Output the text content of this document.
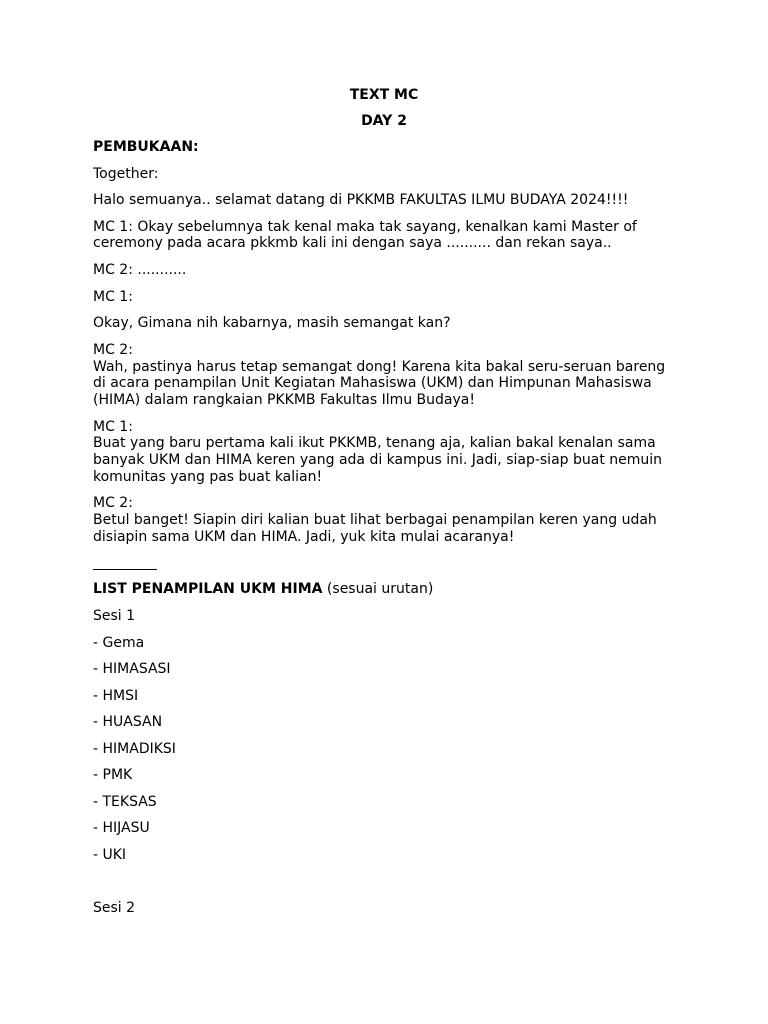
TEXT MC
DAY 2
PEMBUKAAN:
Together:
Halo semuanya.. selamat datang di PKKMB FAKULTAS ILMU BUDAYA 2024!!!!
MC 1: Okay sebelumnya tak kenal maka tak sayang, kenalkan kami Master of
ceremony pada acara pkkmb kali ini dengan saya .......... dan rekan saya..
MC 2: ...........
MC 1:
Okay, Gimana nih kabarnya, masih semangat kan?
MC 2:
Wah, pastinya harus tetap semangat dong! Karena kita bakal seru-seruan bareng
di acara penampilan Unit Kegiatan Mahasiswa (UKM) dan Himpunan Mahasiswa
(HIMA) dalam rangkaian PKKMB Fakultas Ilmu Budaya!
MC 1:
Buat yang baru pertama kali ikut PKKMB, tenang aja, kalian bakal kenalan sama
banyak UKM dan HIMA keren yang ada di kampus ini. Jadi, siap-siap buat nemuin
komunitas yang pas buat kalian!
MC 2:
Betul banget! Siapin diri kalian buat lihat berbagai penampilan keren yang udah
disiapin sama UKM dan HIMA. Jadi, yuk kita mulai acaranya!
LIST PENAMPILAN UKM HIMA (sesuai urutan)
Sesi 1
- Gema
- HIMASASI
- HMSI
- HUASAN
- HIMADIKSI
- PMK
- TEKSAS
- HIJASU
- UKI
Sesi 2
